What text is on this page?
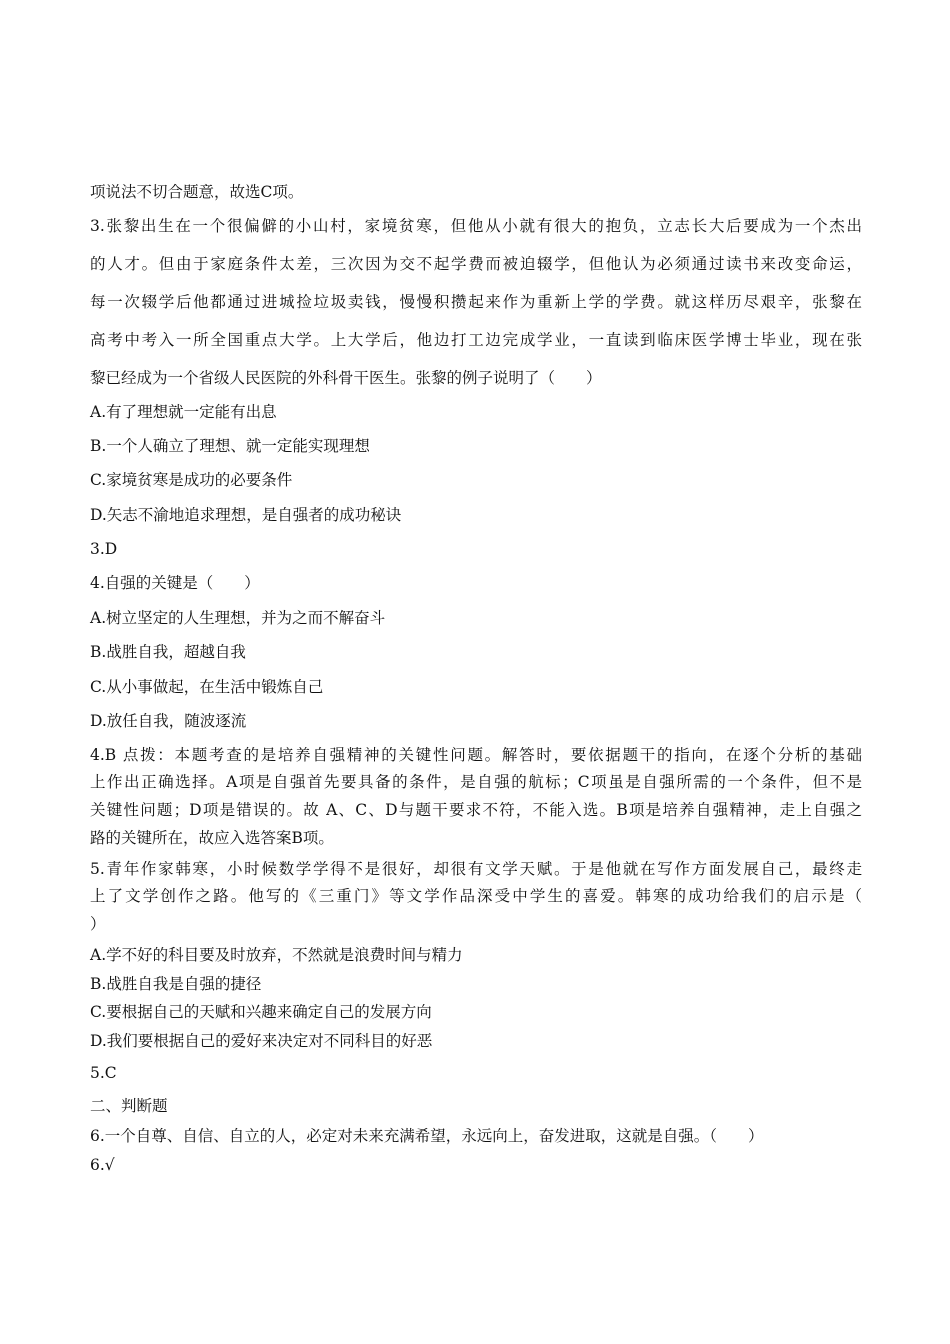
项说法不切合题意，故选C项。
3.张黎出生在一个很偏僻的小山村，家境贫寒，但他从小就有很大的抱负，立志长大后要成为一个杰出
的人才。但由于家庭条件太差，三次因为交不起学费而被迫辍学，但他认为必须通过读书来改变命运，
每一次辍学后他都通过进城捡垃圾卖钱，慢慢积攒起来作为重新上学的学费。就这样历尽艰辛，张黎在
高考中考入一所全国重点大学。上大学后，他边打工边完成学业，一直读到临床医学博士毕业，现在张
黎已经成为一个省级人民医院的外科骨干医生。张黎的例子说明了（　　）
A.有了理想就一定能有出息
B.一个人确立了理想、就一定能实现理想
C.家境贫寒是成功的必要条件
D.矢志不渝地追求理想，是自强者的成功秘诀
3.D
4.自强的关键是（　　）
A.树立坚定的人生理想，并为之而不解奋斗
B.战胜自我，超越自我
C.从小事做起，在生活中锻炼自己
D.放任自我，随波逐流
4.B 点拨：本题考查的是培养自强精神的关键性问题。解答时，要依据题干的指向，在逐个分析的基础
上作出正确选择。A项是自强首先要具备的条件，是自强的航标；C项虽是自强所需的一个条件，但不是
关键性问题；D项是错误的。故 A、C、D与题干要求不符，不能入选。B项是培养自强精神，走上自强之
路的关键所在，故应入选答案B项。
5.青年作家韩寒，小时候数学学得不是很好，却很有文学天赋。于是他就在写作方面发展自己，最终走
上了文学创作之路。他写的《三重门》等文学作品深受中学生的喜爱。韩寒的成功给我们的启示是（
）
A.学不好的科目要及时放弃，不然就是浪费时间与精力
B.战胜自我是自强的捷径
C.要根据自己的天赋和兴趣来确定自己的发展方向
D.我们要根据自己的爱好来决定对不同科目的好恶
5.C
二、判断题
6.一个自尊、自信、自立的人，必定对未来充满希望，永远向上，奋发进取，这就是自强。（　　）
6.√
